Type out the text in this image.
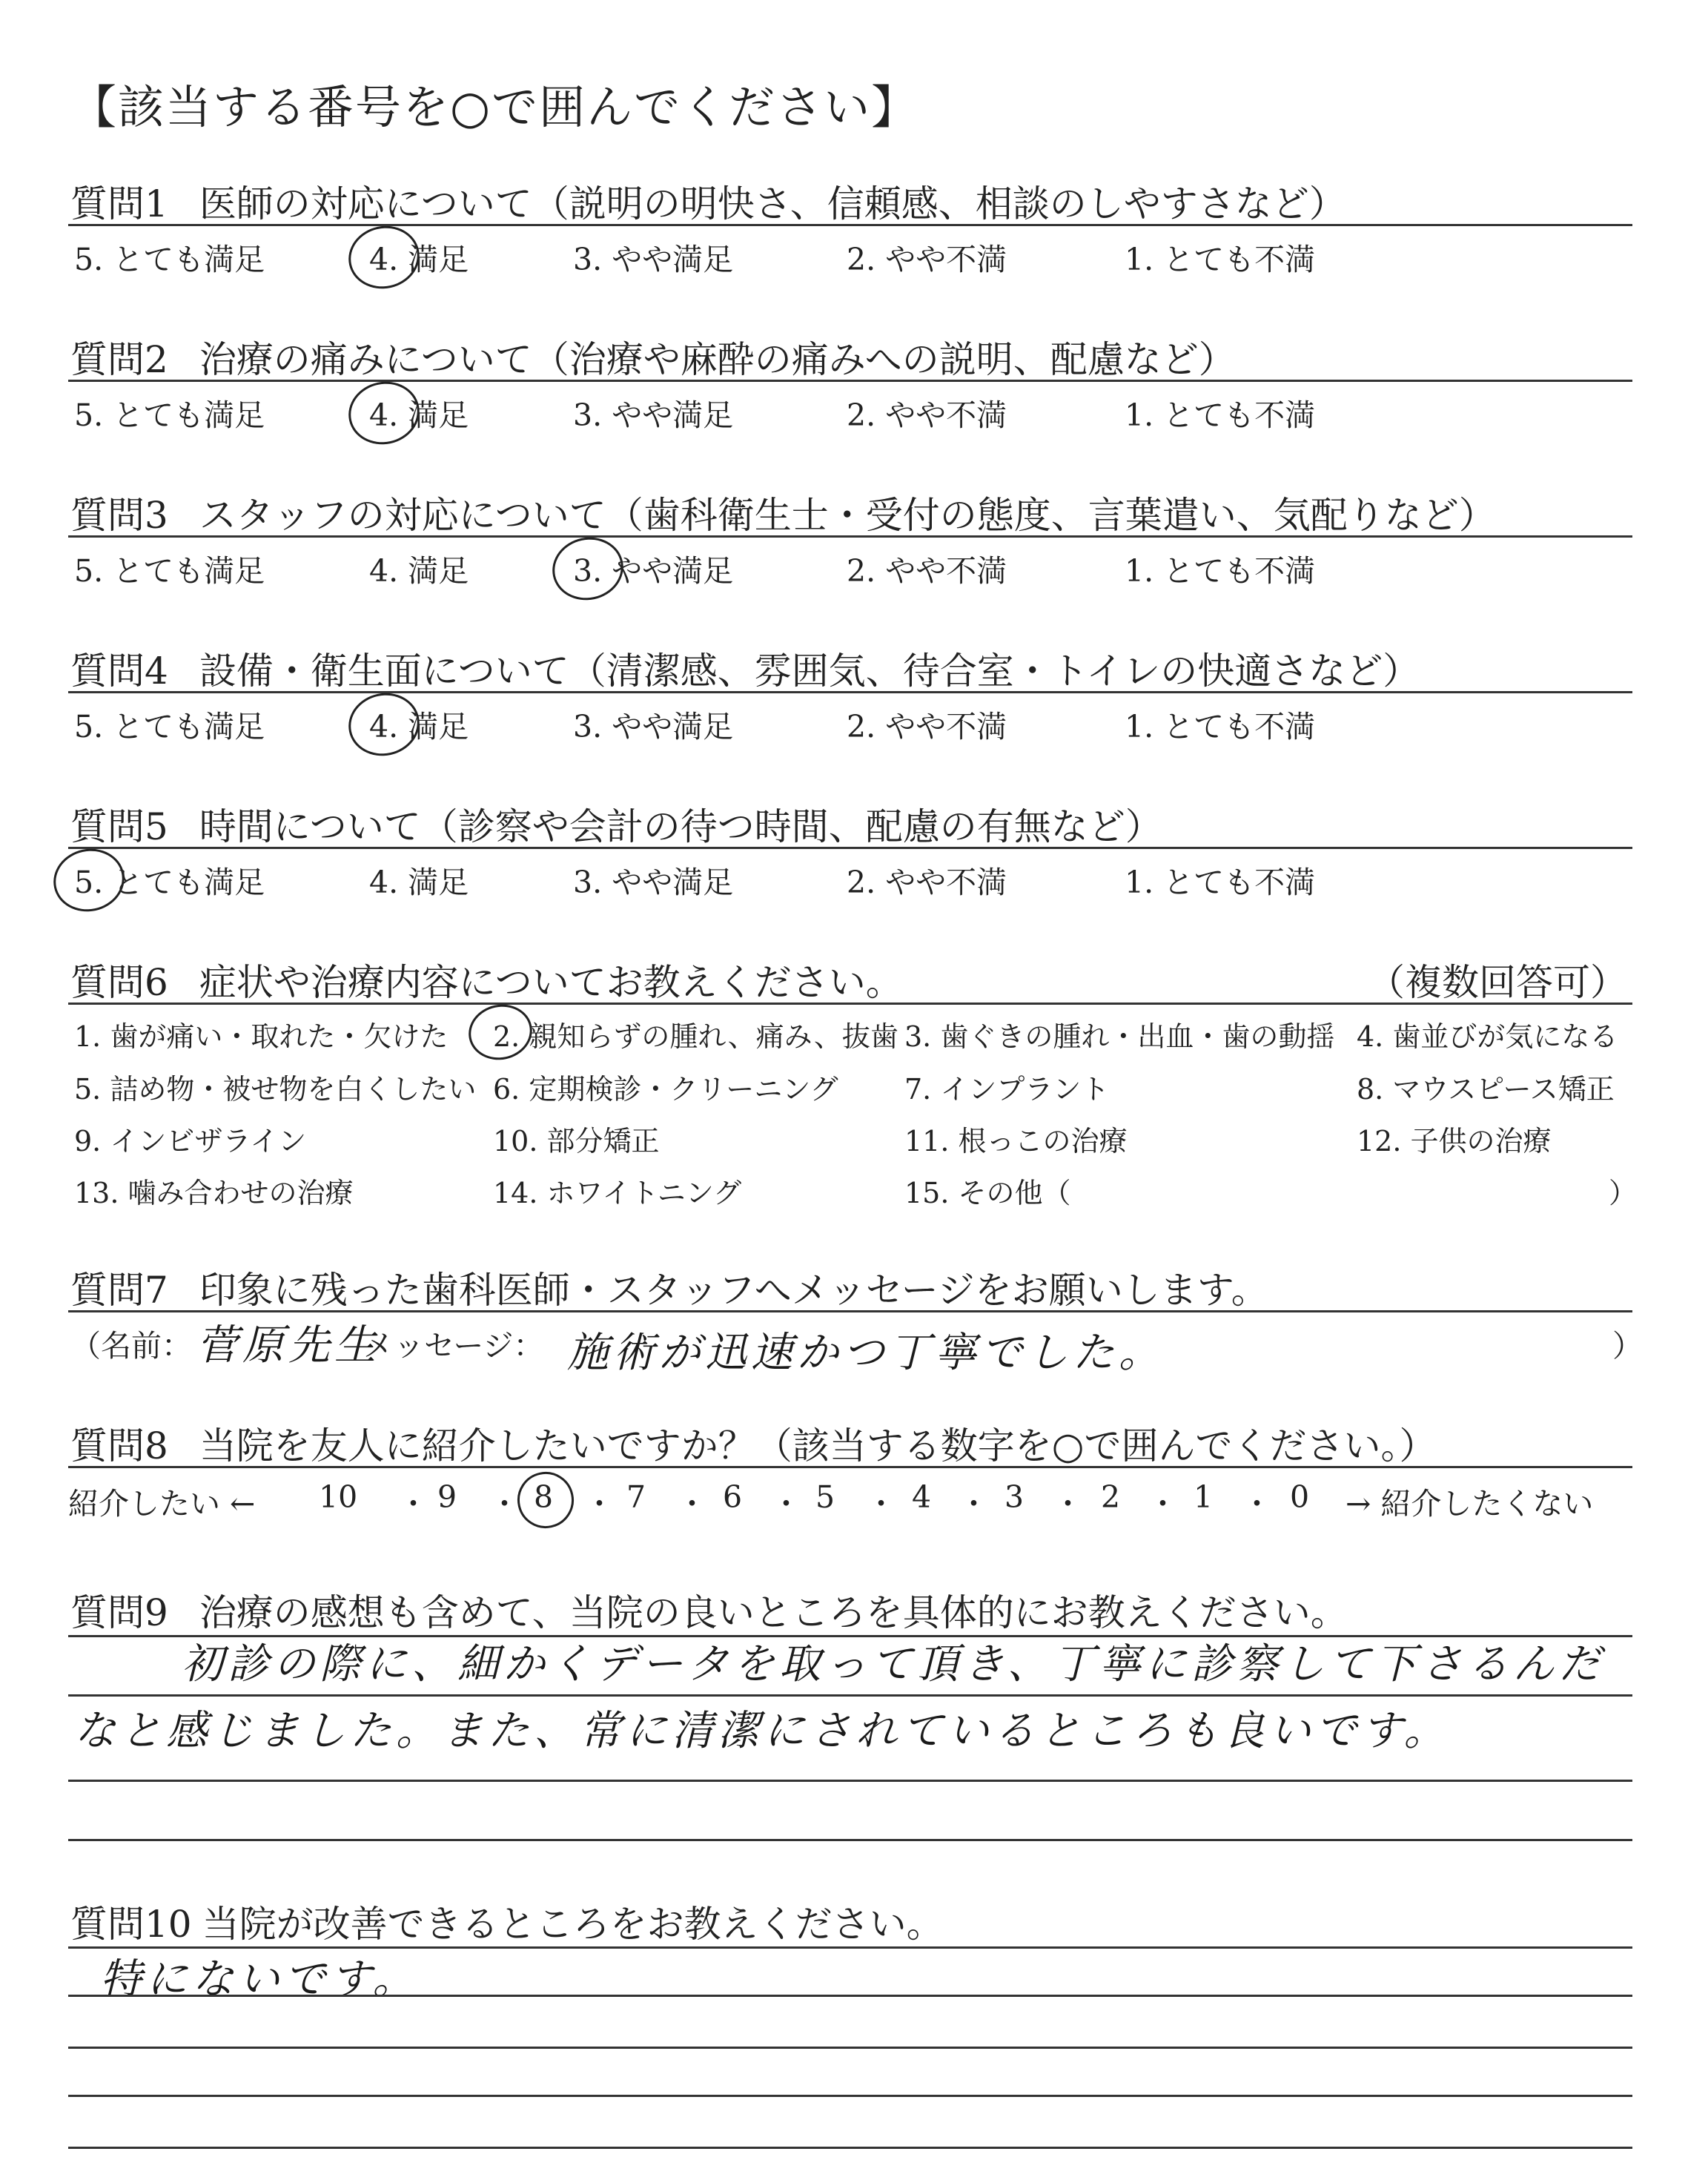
【該当する番号を○で囲んでください】
質問1 医師の対応について（説明の明快さ、信頼感、相談のしやすさなど）
5. とても満足	4. 満足	3. やや満足	2. やや不満	1. とても不満
質問2 治療の痛みについて（治療や麻酔の痛みへの説明、配慮など）
5. とても満足	4. 満足	3. やや満足	2. やや不満	1. とても不満
質問3 スタッフの対応について（歯科衛生士・受付の態度、言葉遣い、気配りなど）
5. とても満足	4. 満足	3. やや満足	2. やや不満	1. とても不満
質問4 設備・衛生面について（清潔感、雰囲気、待合室・トイレの快適さなど）
5. とても満足	4. 満足	3. やや満足	2. やや不満	1. とても不満
質問5 時間について（診察や会計の待つ時間、配慮の有無など）
5. とても満足	4. 満足	3. やや満足	2. やや不満	1. とても不満
質問6 症状や治療内容についてお教えください。	（複数回答可）
1. 歯が痛い・取れた・欠けた 2. 親知らずの腫れ、痛み、抜歯 3. 歯ぐきの腫れ・出血・歯の動揺 4. 歯並びが気になる
5. 詰め物・被せ物を白くしたい 6. 定期検診・クリーニング 7. インプラント	8. マウスピース矯正
9. インビザライン	10. 部分矯正	11. 根っこの治療	12. 子供の治療
13. 噛み合わせの治療	14. ホワイトニング	15. その他（	）
質問7 印象に残った歯科医師・スタッフへメッセージをお願いします。
（名前： 菅原先生
メッセージ： 施術が迅速かつ丁寧でした。	）
質問8 当院を友人に紹介したいですか？（該当する数字を○で囲んでください。）
紹介したい ← 10 ・ 9 ・ 8 ・ 7 ・ 6 ・ 5 ・ 4 ・ 3 ・ 2 ・ 1 ・ 0 → 紹介したくない
質問9 治療の感想も含めて、当院の良いところを具体的にお教えください。
初診の際に、細かくデータを取って頂き、丁寧に診察して下さるんだ
なと感じました。また、常に清潔にされているところも良いです。
質問10 当院が改善できるところをお教えください。
特にないです。
